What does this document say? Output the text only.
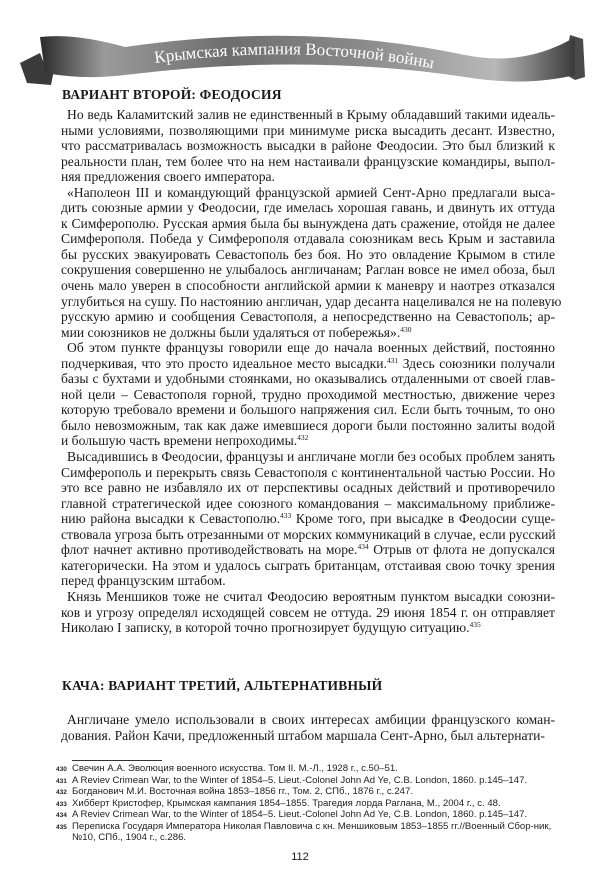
Крымская кампания Восточной войны
ВАРИАНТ ВТОРОЙ: ФЕОДОСИЯ
Но ведь Каламитский залив не единственный в Крыму обладавший такими идеаль-
ными условиями, позволяющими при минимуме риска высадить десант. Известно,
что рассматривалась возможность высадки в районе Феодосии. Это был близкий к
реальности план, тем более что на нем настаивали французские командиры, выпол-
няя предложения своего императора.
«Наполеон III и командующий французской армией Сент-Арно предлагали выса-
дить союзные армии у Феодосии, где имелась хорошая гавань, и двинуть их оттуда
к Симферополю. Русская армия была бы вынуждена дать сражение, отойдя не далее
Симферополя. Победа у Симферополя отдавала союзникам весь Крым и заставила
бы русских эвакуировать Севастополь без боя. Но это овладение Крымом в стиле
сокрушения совершенно не улыбалось англичанам; Раглан вовсе не имел обоза, был
очень мало уверен в способности английской армии к маневру и наотрез отказался
углубиться на сушу. По настоянию англичан, удар десанта нацеливался не на полевую
русскую армию и сообщения Севастополя, а непосредственно на Севастополь; ар-
мии союзников не должны были удаляться от побережья».$^{430}$
Об этом пункте французы говорили еще до начала военных действий, постоянно
подчеркивая, что это просто идеальное место высадки.$^{431}$ Здесь союзники получали
базы с бухтами и удобными стоянками, но оказывались отдаленными от своей глав-
ной цели – Севастополя горной, трудно проходимой местностью, движение через
которую требовало времени и большого напряжения сил. Если быть точным, то оно
было невозможным, так как даже имевшиеся дороги были постоянно залиты водой
и большую часть времени непроходимы.$^{432}$
Высадившись в Феодосии, французы и англичане могли без особых проблем занять
Симферополь и перекрыть связь Севастополя с континентальной частью России. Но
это все равно не избавляло их от перспективы осадных действий и противоречило
главной стратегической идее союзного командования – максимальному приближе-
нию района высадки к Севастополю.$^{433}$ Кроме того, при высадке в Феодосии суще-
ствовала угроза быть отрезанными от морских коммуникаций в случае, если русский
флот начнет активно противодействовать на море.$^{434}$ Отрыв от флота не допускался
категорически. На этом и удалось сыграть британцам, отстаивая свою точку зрения
перед французским штабом.
Князь Меншиков тоже не считал Феодосию вероятным пунктом высадки союзни-
ков и угрозу определял исходящей совсем не оттуда. 29 июня 1854 г. он отправляет
Николаю I записку, в которой точно прогнозирует будущую ситуацию.$^{435}$
КАЧА: ВАРИАНТ ТРЕТИЙ, АЛЬТЕРНАТИВНЫЙ
Англичане умело использовали в своих интересах амбиции французского коман-
дования. Район Качи, предложенный штабом маршала Сент-Арно, был альтернати-
430 Свечин А.А. Эволюция военного искусства. Том II. М.-Л., 1928 г., с.50–51.
431 A Reviev Crimean War, to the Winter of 1854–5. Lieut.-Colonel John Ad Ye, C.B. London, 1860. p.145–147.
432 Богданович М.И. Восточная война 1853–1856 гг., Том. 2, СПб., 1876 г., с.247.
433 Хибберт Кристофер, Крымская кампания 1854–1855. Трагедия лорда Раглана, М., 2004 г., с. 48.
434 A Reviev Crimean War, to the Winter of 1854–5. Lieut.-Colonel John Ad Ye, C.B. London, 1860. p.145–147.
435 Переписка Государя Императора Николая Павловича с кн. Меншиковым 1853–1855 гг.//Военный Сбор-ник, №10, СПб., 1904 г., с.286.
112
